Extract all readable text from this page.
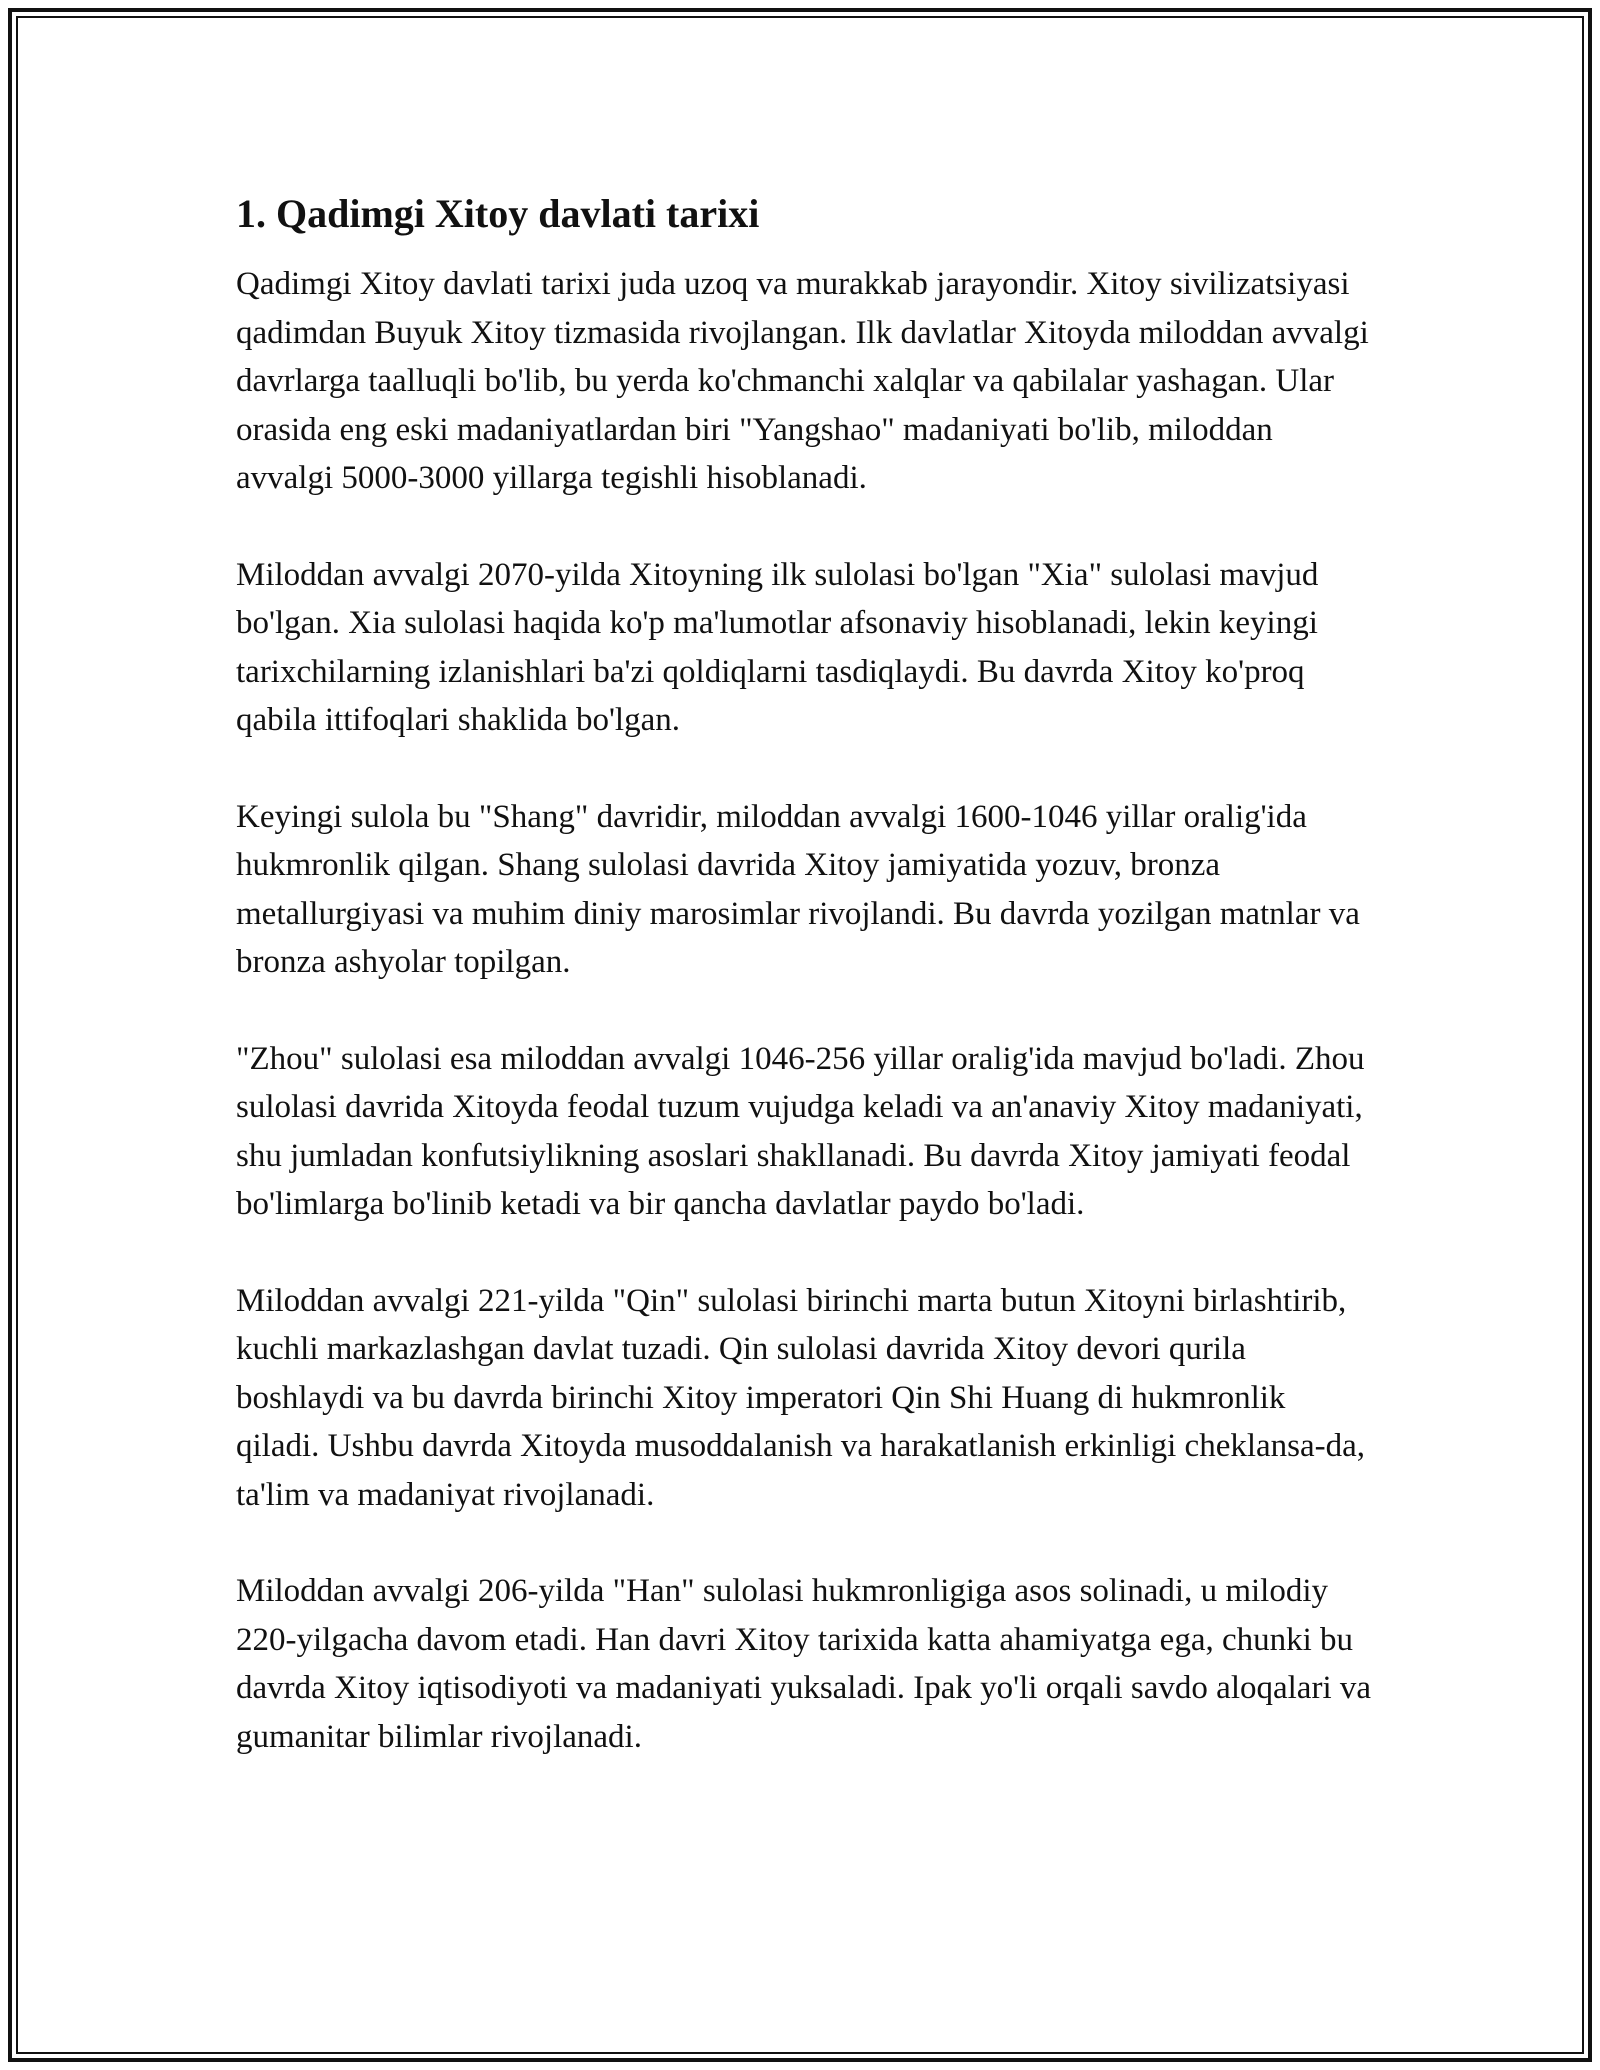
1. Qadimgi Xitoy davlati tarixi

Qadimgi Xitoy davlati tarixi juda uzoq va murakkab jarayondir. Xitoy sivilizatsiyasi qadimdan Buyuk Xitoy tizmasida rivojlangan. Ilk davlatlar Xitoyda miloddan avvalgi davrlarga taalluqli bo'lib, bu yerda ko'chmanchi xalqlar va qabilalar yashagan. Ular orasida eng eski madaniyatlardan biri "Yangshao" madaniyati bo'lib, miloddan avvalgi 5000-3000 yillarga tegishli hisoblanadi.

Miloddan avvalgi 2070-yilda Xitoyning ilk sulolasi bo'lgan "Xia" sulolasi mavjud bo'lgan. Xia sulolasi haqida ko'p ma'lumotlar afsonaviy hisoblanadi, lekin keyingi tarixchilarning izlanishlari ba'zi qoldiqlarni tasdiqlaydi. Bu davrda Xitoy ko'proq qabila ittifoqlari shaklida bo'lgan.

Keyingi sulola bu "Shang" davridir, miloddan avvalgi 1600-1046 yillar oralig'ida hukmronlik qilgan. Shang sulolasi davrida Xitoy jamiyatida yozuv, bronza metallurgiyasi va muhim diniy marosimlar rivojlandi. Bu davrda yozilgan matnlar va bronza ashyolar topilgan.

"Zhou" sulolasi esa miloddan avvalgi 1046-256 yillar oralig'ida mavjud bo'ladi. Zhou sulolasi davrida Xitoyda feodal tuzum vujudga keladi va an'anaviy Xitoy madaniyati, shu jumladan konfutsiylikning asoslari shakllanadi. Bu davrda Xitoy jamiyati feodal bo'limlarga bo'linib ketadi va bir qancha davlatlar paydo bo'ladi.

Miloddan avvalgi 221-yilda "Qin" sulolasi birinchi marta butun Xitoyni birlashtirib, kuchli markazlashgan davlat tuzadi. Qin sulolasi davrida Xitoy devori qurila boshlaydi va bu davrda birinchi Xitoy imperatori Qin Shi Huang di hukmronlik qiladi. Ushbu davrda Xitoyda musoddalanish va harakatlanish erkinligi cheklansa-da, ta'lim va madaniyat rivojlanadi.

Miloddan avvalgi 206-yilda "Han" sulolasi hukmronligiga asos solinadi, u milodiy 220-yilgacha davom etadi. Han davri Xitoy tarixida katta ahamiyatga ega, chunki bu davrda Xitoy iqtisodiyoti va madaniyati yuksaladi. Ipak yo'li orqali savdo aloqalari va gumanitar bilimlar rivojlanadi.
